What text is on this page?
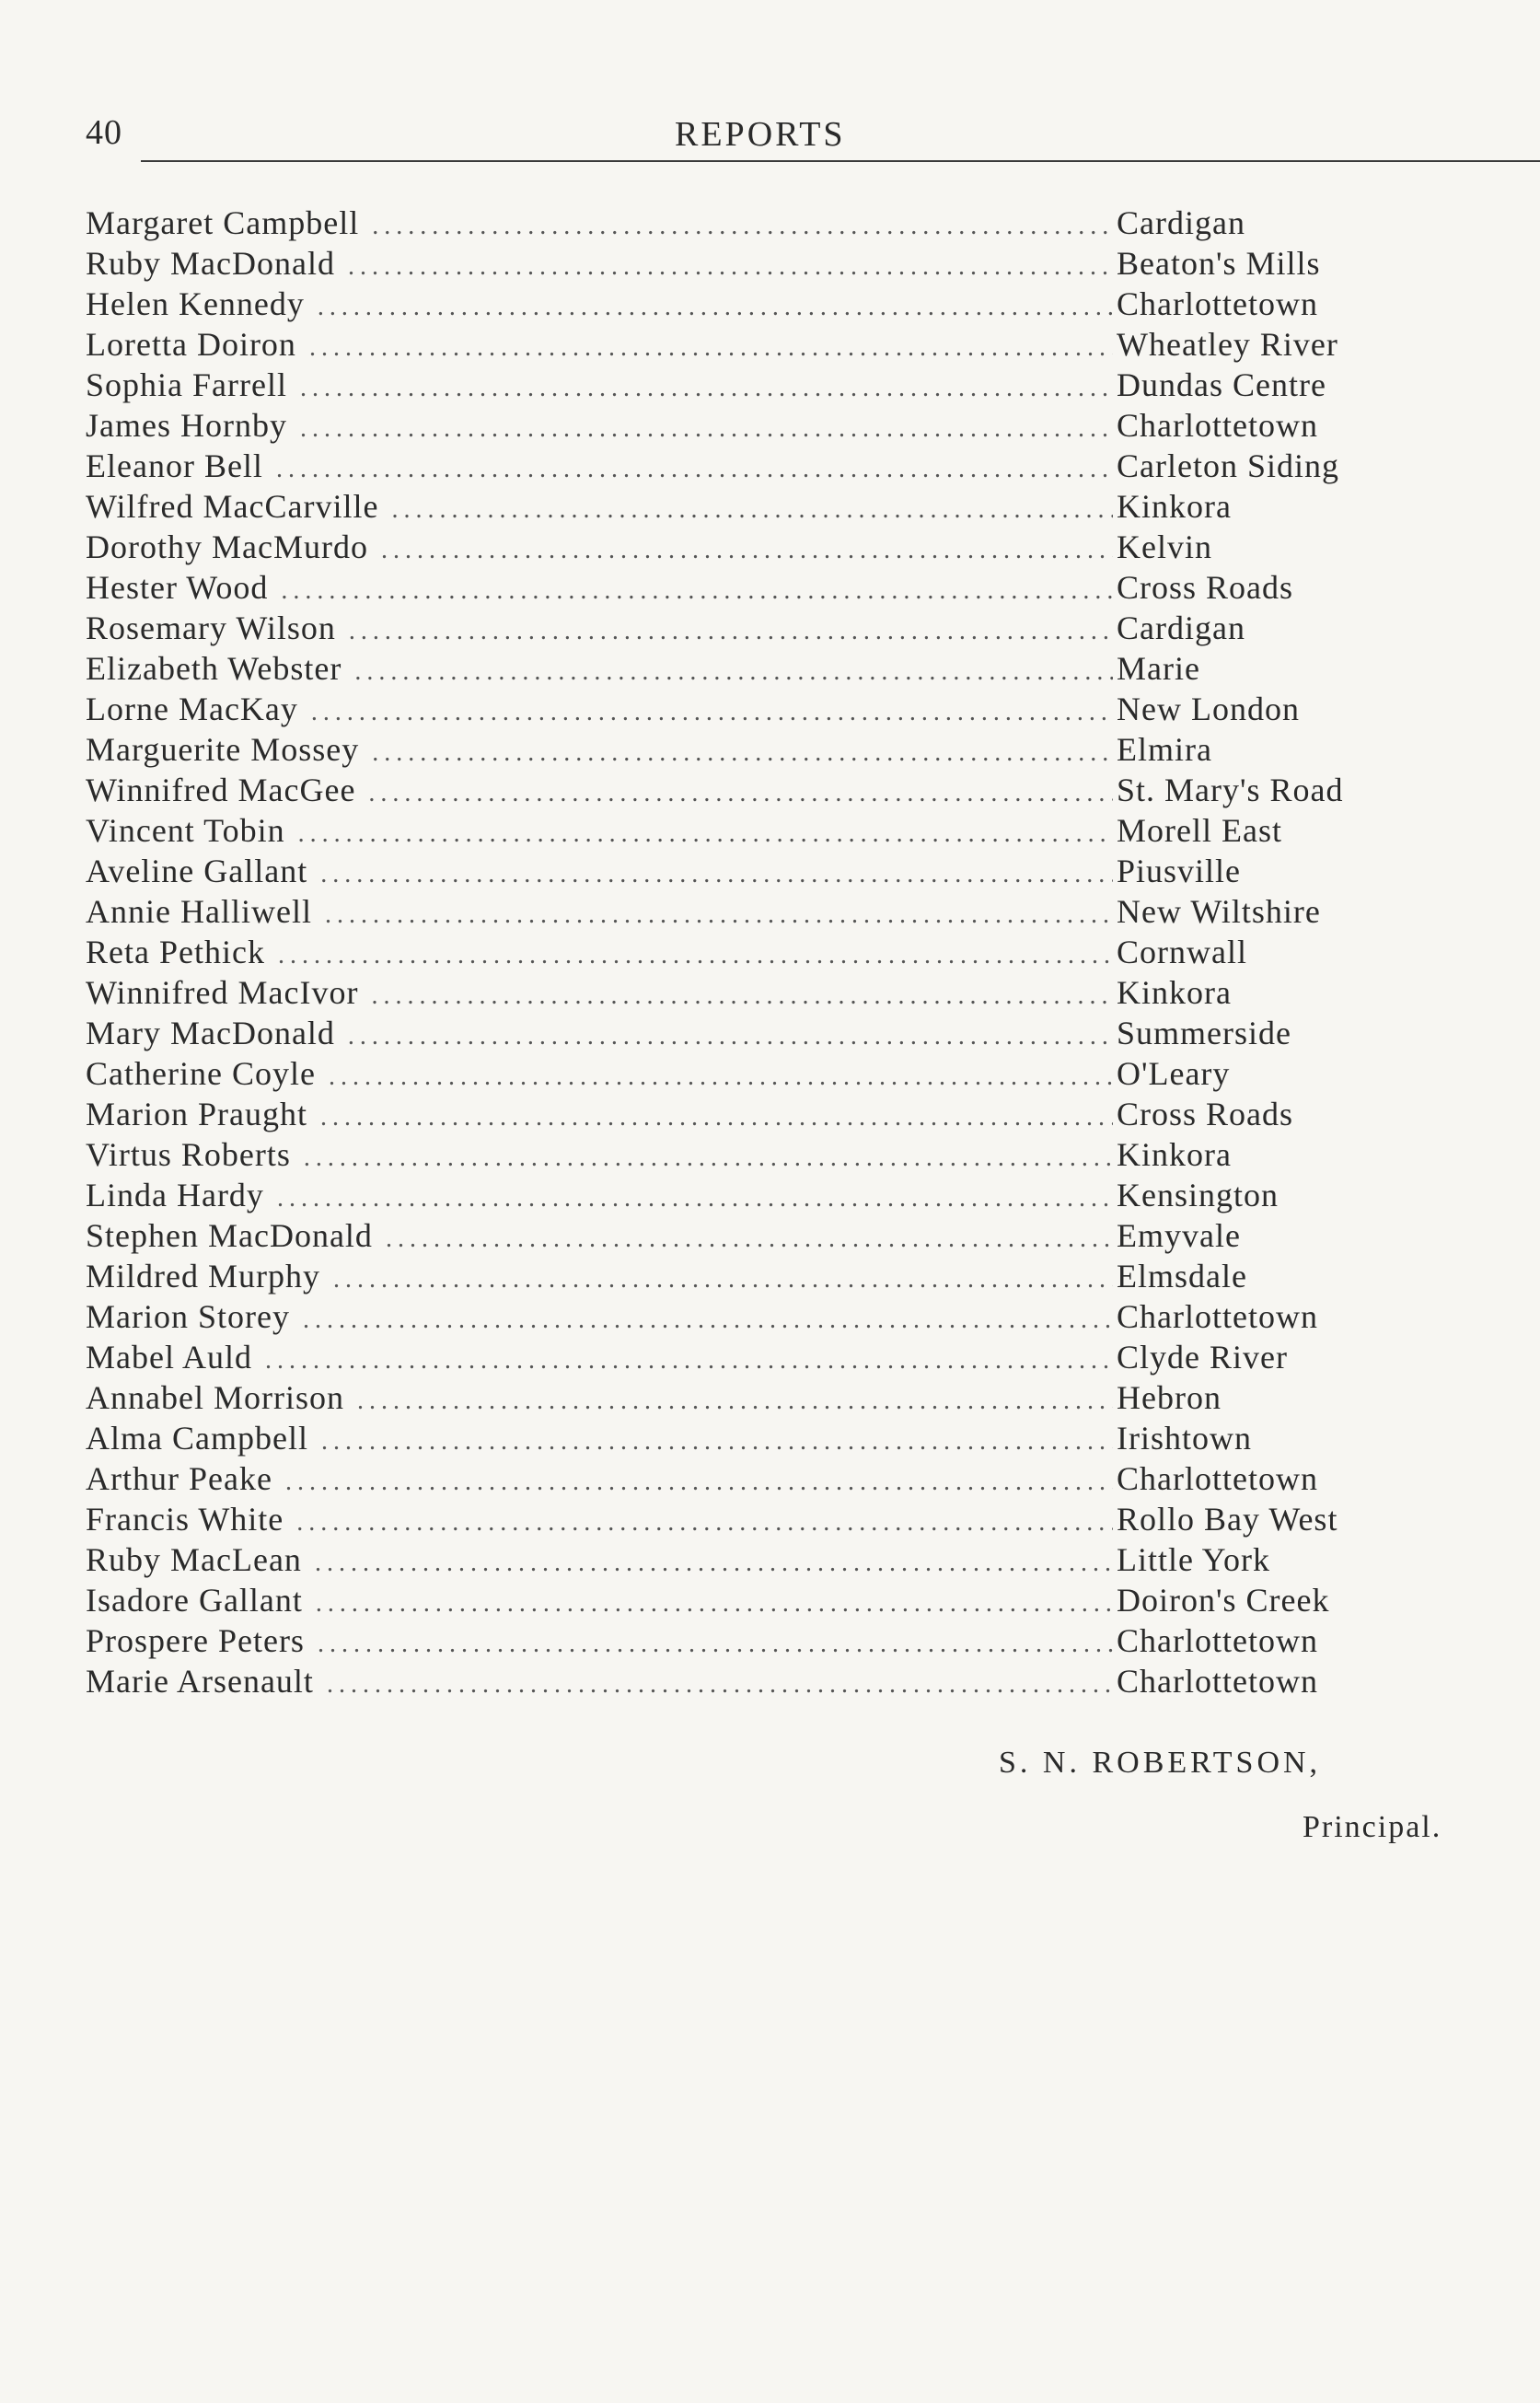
40	REPORTS
Margaret Campbell .....	Cardigan
Ruby MacDonald .....	Beaton's Mills
Helen Kennedy .....	Charlottetown
Loretta Doiron .....	Wheatley River
Sophia Farrell .....	Dundas Centre
James Hornby .....	Charlottetown
Eleanor Bell .....	Carleton Siding
Wilfred MacCarville .....	Kinkora
Dorothy MacMurdo .....	Kelvin
Hester Wood .....	Cross Roads
Rosemary Wilson .....	Cardigan
Elizabeth Webster .....	Marie
Lorne MacKay .....	New London
Marguerite Mossey .....	Elmira
Winnifred MacGee .....	St. Mary's Road
Vincent Tobin .....	Morell East
Aveline Gallant .....	Piusville
Annie Halliwell .....	New Wiltshire
Reta Pethick .....	Cornwall
Winnifred MacIvor .....	Kinkora
Mary MacDonald .....	Summerside
Catherine Coyle .....	O'Leary
Marion Praught .....	Cross Roads
Virtus Roberts .....	Kinkora
Linda Hardy .....	Kensington
Stephen MacDonald .....	Emyvale
Mildred Murphy .....	Elmsdale
Marion Storey .....	Charlottetown
Mabel Auld .....	Clyde River
Annabel Morrison .....	Hebron
Alma Campbell .....	Irishtown
Arthur Peake .....	Charlottetown
Francis White .....	Rollo Bay West
Ruby MacLean .....	Little York
Isadore Gallant .....	Doiron's Creek
Prospere Peters .....	Charlottetown
Marie Arsenault .....	Charlottetown
S. N. ROBERTSON,
Principal.
